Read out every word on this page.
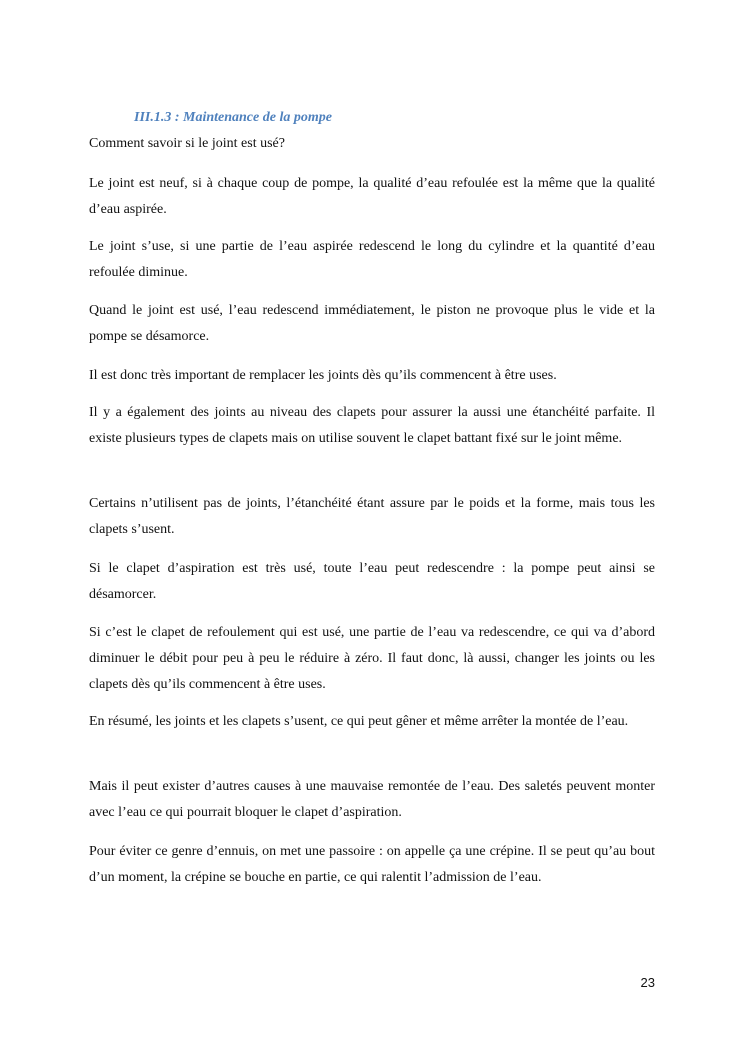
III.1.3 : Maintenance de la pompe
Comment savoir si le joint est usé?

Le joint est neuf, si à chaque coup de pompe, la qualité d’eau refoulée est la même que la qualité d’eau aspirée.

Le joint s’use, si une partie de l’eau aspirée redescend le long du cylindre et la quantité d’eau refoulée diminue.

Quand le joint est usé, l’eau redescend immédiatement, le piston ne provoque plus le vide et la pompe se désamorce.

Il est donc très important de remplacer les joints dès qu’ils commencent à être uses.

Il y a également des joints au niveau des clapets pour assurer la aussi une étanchéité parfaite. Il existe plusieurs types de clapets mais on utilise souvent le clapet battant fixé sur le joint même.

Certains n’utilisent pas de joints, l’étanchéité étant assure par le poids et la forme, mais tous les clapets s’usent.

Si le clapet d’aspiration est très usé, toute l’eau peut redescendre : la pompe peut ainsi se désamorcer.

Si c’est le clapet de refoulement qui est usé, une partie de l’eau va redescendre, ce qui va d’abord diminuer le débit pour peu à peu le réduire à zéro. Il faut donc, là aussi, changer les joints ou les clapets dès qu’ils commencent à être uses.

En résumé, les joints et les clapets s’usent, ce qui peut gêner et même arrêter la montée de l’eau.

Mais il peut exister d’autres causes à une mauvaise remontée de l’eau. Des saletés peuvent monter avec l’eau ce qui pourrait bloquer le clapet d’aspiration.

Pour éviter ce genre d’ennuis, on met une passoire : on appelle ça une crépine. Il se peut qu’au bout d’un moment, la crépine se bouche en partie, ce qui ralentit l’admission de l’eau.

23
